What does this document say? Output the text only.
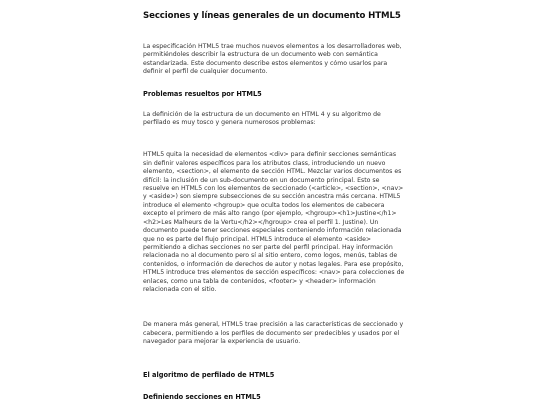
Secciones y líneas generales de un documento HTML5

La especificación HTML5 trae muchos nuevos elementos a los desarrolladores web, permitiéndoles describir la estructura de un documento web con semántica estandarizada. Este documento describe estos elementos y cómo usarlos para definir el perfil de cualquier documento.

Problemas resueltos por HTML5

La definición de la estructura de un documento en HTML 4 y su algoritmo de perfilado es muy tosco y genera numerosos problemas:

HTML5 quita la necesidad de elementos <div> para definir secciones semánticas sin definir valores específicos para los atributos class, introduciendo un nuevo elemento, <section>, el elemento de sección HTML. Mezclar varios documentos es difícil: la inclusión de un sub-documento en un documento principal. Esto se resuelve en HTML5 con los elementos de seccionado (<article>, <section>, <nav> y <aside>) son siempre subsecciones de su sección ancestra más cercana. HTML5 introduce el elemento <hgroup> que oculta todos los elementos de cabecera excepto el primero de más alto rango (por ejemplo, <hgroup><h1>Justine</h1><h2>Les Malheurs de la Vertu</h2></hgroup> crea el perfil 1. Justine). Un documento puede tener secciones especiales conteniendo información relacionada que no es parte del flujo principal. HTML5 introduce el elemento <aside> permitiendo a dichas secciones no ser parte del perfil principal. Hay información relacionada no al documento pero sí al sitio entero, como logos, menús, tablas de contenidos, o información de derechos de autor y notas legales. Para ese propósito, HTML5 introduce tres elementos de sección específicos: <nav> para colecciones de enlaces, como una tabla de contenidos, <footer> y <header> información relacionada con el sitio.

De manera más general, HTML5 trae precisión a las características de seccionado y cabecera, permitiendo a los perfiles de documento ser predecibles y usados por el navegador para mejorar la experiencia de usuario.

El algoritmo de perfilado de HTML5
Definiendo secciones en HTML5
